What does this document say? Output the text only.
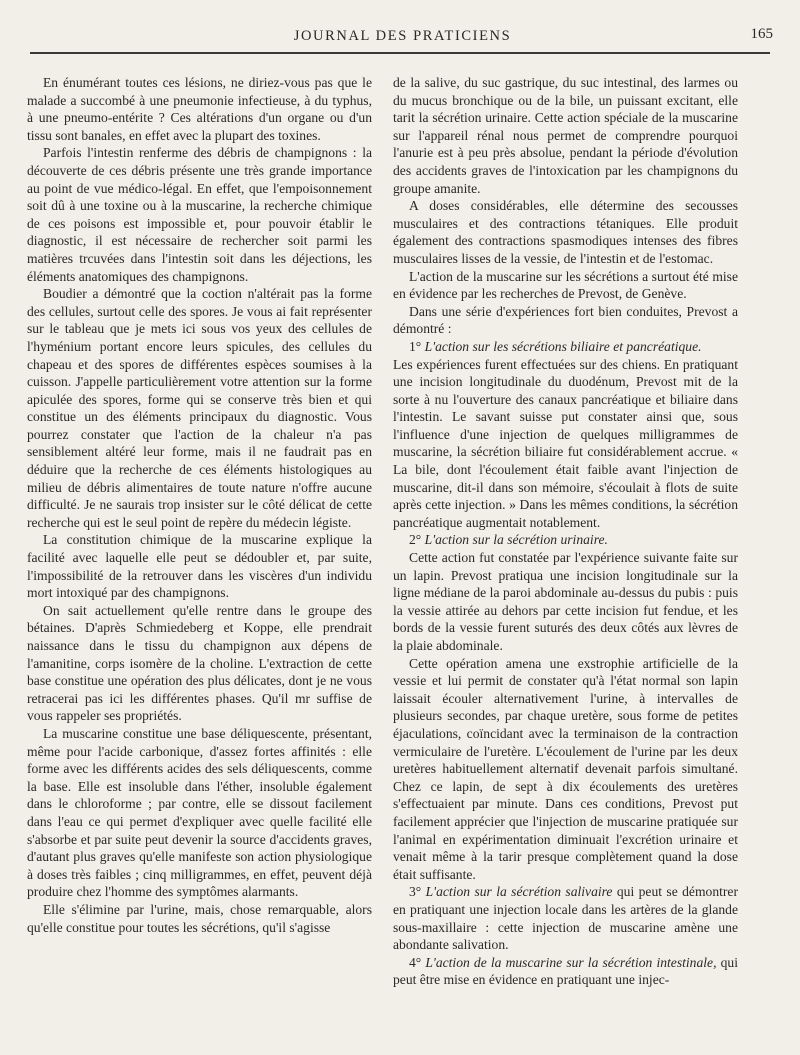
JOURNAL DES PRATICIENS	165

En énumérant toutes ces lésions, ne diriez-vous pas que le malade a succombé à une pneumonie infectieuse, à du typhus, à une pneumo-entérite ? Ces altérations d'un organe ou d'un tissu sont banales, en effet avec la plupart des toxines.

Parfois l'intestin renferme des débris de champignons : la découverte de ces débris présente une très grande importance au point de vue médico-légal. En effet, que l'empoisonnement soit dû à une toxine ou à la muscarine, la recherche chimique de ces poisons est impossible et, pour pouvoir établir le diagnostic, il est nécessaire de rechercher soit parmi les matières trcuvées dans l'intestin soit dans les déjections, les éléments anatomiques des champignons.

Boudier a démontré que la coction n'altérait pas la forme des cellules, surtout celle des spores. Je vous ai fait représenter sur le tableau que je mets ici sous vos yeux des cellules de l'hyménium portant encore leurs spicules, des cellules du chapeau et des spores de différentes espèces soumises à la cuisson. J'appelle particulièrement votre attention sur la forme apiculée des spores, forme qui se conserve très bien et qui constitue un des éléments principaux du diagnostic. Vous pourrez constater que l'action de la chaleur n'a pas sensiblement altéré leur forme, mais il ne faudrait pas en déduire que la recherche de ces éléments histologiques au milieu de débris alimentaires de toute nature n'offre aucune difficulté. Je ne saurais trop insister sur le côté délicat de cette recherche qui est le seul point de repère du médecin légiste.

La constitution chimique de la muscarine explique la facilité avec laquelle elle peut se dédoubler et, par suite, l'impossibilité de la retrouver dans les viscères d'un individu mort intoxiqué par des champignons.

On sait actuellement qu'elle rentre dans le groupe des bétaines. D'après Schmiedeberg et Koppe, elle prendrait naissance dans le tissu du champignon aux dépens de l'amanitine, corps isomère de la choline. L'extraction de cette base constitue une opération des plus délicates, dont je ne vous retracerai pas ici les différentes phases. Qu'il mr suffise de vous rappeler ses propriétés.

La muscarine constitue une base déliquescente, présentant, même pour l'acide carbonique, d'assez fortes affinités : elle forme avec les différents acides des sels déliquescents, comme la base. Elle est insoluble dans l'éther, insoluble également dans le chloroforme ; par contre, elle se dissout facilement dans l'eau ce qui permet d'expliquer avec quelle facilité elle s'absorbe et par suite peut devenir la source d'accidents graves, d'autant plus graves qu'elle manifeste son action physiologique à doses très faibles ; cinq milligrammes, en effet, peuvent déjà produire chez l'homme des symptômes alarmants.

Elle s'élimine par l'urine, mais, chose remarquable, alors qu'elle constitue pour toutes les sécrétions, qu'il s'agisse

de la salive, du suc gastrique, du suc intestinal, des larmes ou du mucus bronchique ou de la bile, un puissant excitant, elle tarit la sécrétion urinaire. Cette action spéciale de la muscarine sur l'appareil rénal nous permet de comprendre pourquoi l'anurie est à peu près absolue, pendant la période d'évolution des accidents graves de l'intoxication par les champignons du groupe amanite.

A doses considérables, elle détermine des secousses musculaires et des contractions tétaniques. Elle produit également des contractions spasmodiques intenses des fibres musculaires lisses de la vessie, de l'intestin et de l'estomac.

L'action de la muscarine sur les sécrétions a surtout été mise en évidence par les recherches de Prevost, de Genève.

Dans une série d'expériences fort bien conduites, Prevost a démontré :

1° L'action sur les sécrétions biliaire et pancréatique.

Les expériences furent effectuées sur des chiens. En pratiquant une incision longitudinale du duodénum, Prevost mit de la sorte à nu l'ouverture des canaux pancréatique et biliaire dans l'intestin. Le savant suisse put constater ainsi que, sous l'influence d'une injection de quelques milligrammes de muscarine, la sécrétion biliaire fut considérablement accrue. « La bile, dont l'écoulement était faible avant l'injection de muscarine, dit-il dans son mémoire, s'écoulait à flots de suite après cette injection. » Dans les mêmes conditions, la sécrétion pancréatique augmentait notablement.

2° L'action sur la sécrétion urinaire.

Cette action fut constatée par l'expérience suivante faite sur un lapin. Prevost pratiqua une incision longitudinale sur la ligne médiane de la paroi abdominale au-dessus du pubis : puis la vessie attirée au dehors par cette incision fut fendue, et les bords de la vessie furent suturés des deux côtés aux lèvres de la plaie abdominale.

Cette opération amena une exstrophie artificielle de la vessie et lui permit de constater qu'à l'état normal son lapin laissait écouler alternativement l'urine, à intervalles de plusieurs secondes, par chaque uretère, sous forme de petites éjaculations, coïncidant avec la terminaison de la contraction vermiculaire de l'uretère. L'écoulement de l'urine par les deux uretères habituellement alternatif devenait parfois simultané. Chez ce lapin, de sept à dix écoulements des uretères s'effectuaient par minute. Dans ces conditions, Prevost put facilement apprécier que l'injection de muscarine pratiquée sur l'animal en expérimentation diminuait l'excrétion urinaire et venait même à la tarir presque complètement quand la dose était suffisante.

3° L'action sur la sécrétion salivaire qui peut se démontrer en pratiquant une injection locale dans les artères de la glande sous-maxillaire : cette injection de muscarine amène une abondante salivation.

4° L'action de la muscarine sur la sécrétion intestinale, qui peut être mise en évidence en pratiquant une injec-
